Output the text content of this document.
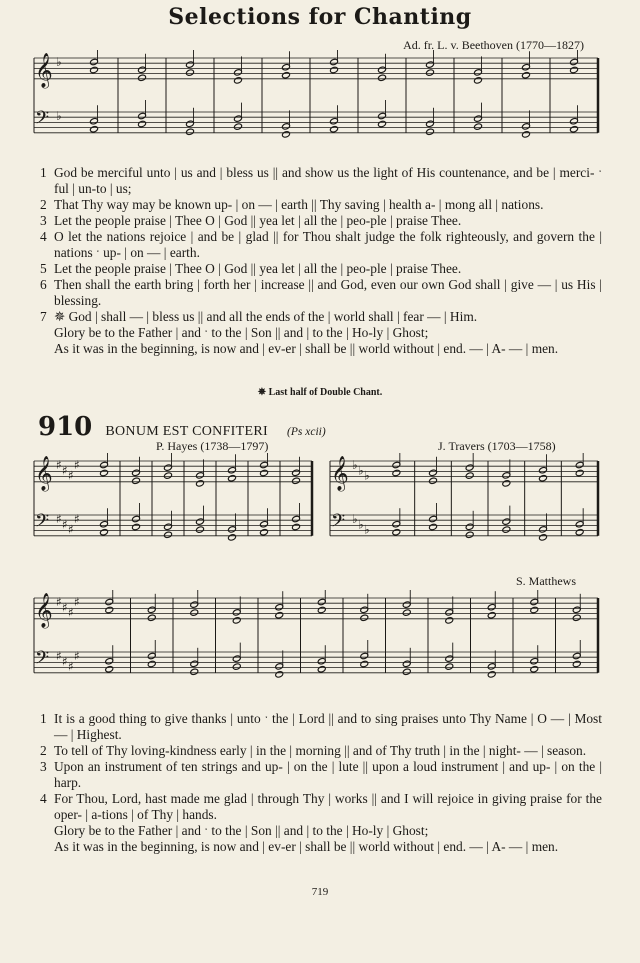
Selections for Chanting
Ad. fr. L. v. Beethoven (1770—1827)
𝄞 ♭
𝄢 ♭
1 God be merciful unto | us and | bless us || and show us the light of His countenance, and be | merci- ˑ ful | un-to | us;
2 That Thy way may be known up- | on — | earth || Thy saving | health a- | mong all | nations.
3 Let the people praise | Thee O | God || yea let | all the | peo-ple | praise Thee.
4 O let the nations rejoice | and be | glad || for Thou shalt judge the folk righteously, and govern the | nations ˑ up- | on — | earth.
5 Let the people praise | Thee O | God || yea let | all the | peo-ple | praise Thee.
6 Then shall the earth bring | forth her | increase || and God, even our own God shall | give — | us His | blessing.
7 ✵ God | shall — | bless us || and all the ends of the | world shall | fear — | Him.
Glory be to the Father | and ˑ to the | Son || and | to the | Ho-ly | Ghost;
As it was in the beginning, is now and | ev-er | shall be || world without | end. — | A- — | men.
✵ Last half of Double Chant.
910 BONUM EST CONFITERI (Ps xcii)
P. Hayes (1738—1797)	J. Travers (1703—1758)
𝄞 ♯ ♯ ♯
♯
𝄢 ♯ ♯ ♯
♯
𝄞 ♭ ♭ ♭
𝄢 ♭ ♭ ♭
S. Matthews
𝄞 ♯ ♯ ♯
♯
𝄢 ♯ ♯ ♯
♯
1 It is a good thing to give thanks | unto ˑ the | Lord || and to sing praises unto Thy Name | O — | Most — | Highest.
2 To tell of Thy loving-kindness early | in the | morning || and of Thy truth | in the | night- — | season.
3 Upon an instrument of ten strings and up- | on the | lute || upon a loud instrument | and up- | on the | harp.
4 For Thou, Lord, hast made me glad | through Thy | works || and I will rejoice in giving praise for the oper- | a-tions | of Thy | hands.
Glory be to the Father | and ˑ to the | Son || and | to the | Ho-ly | Ghost;
As it was in the beginning, is now and | ev-er | shall be || world without | end. — | A- — | men.
719
